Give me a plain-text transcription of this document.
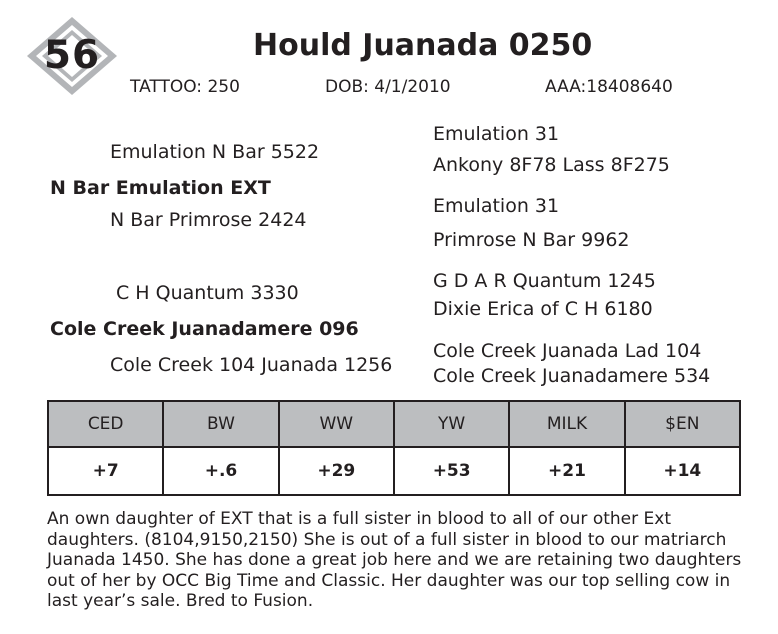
56	Hould Juanada 0250
TATTOO: 250	DOB: 4/1/2010	AAA:18408640
Emulation N Bar 5522
N Bar Emulation EXT
N Bar Primrose 2424
C H Quantum 3330
Cole Creek Juanadamere 096
Cole Creek 104 Juanada 1256
Emulation 31
Ankony 8F78 Lass 8F275
Emulation 31
Primrose N Bar 9962
G D A R Quantum 1245
Dixie Erica of C H 6180
Cole Creek Juanada Lad 104
Cole Creek Juanadamere 534
CED	BW	WW	YW	MILK	$EN
+7	+.6	+29	+53	+21	+14
An own daughter of EXT that is a full sister in blood to all of our other Ext daughters. (8104,9150,2150) She is out of a full sister in blood to our matriarch Juanada 1450. She has done a great job here and we are retaining two daughters out of her by OCC Big Time and Classic. Her daughter was our top selling cow in last year’s sale. Bred to Fusion.
